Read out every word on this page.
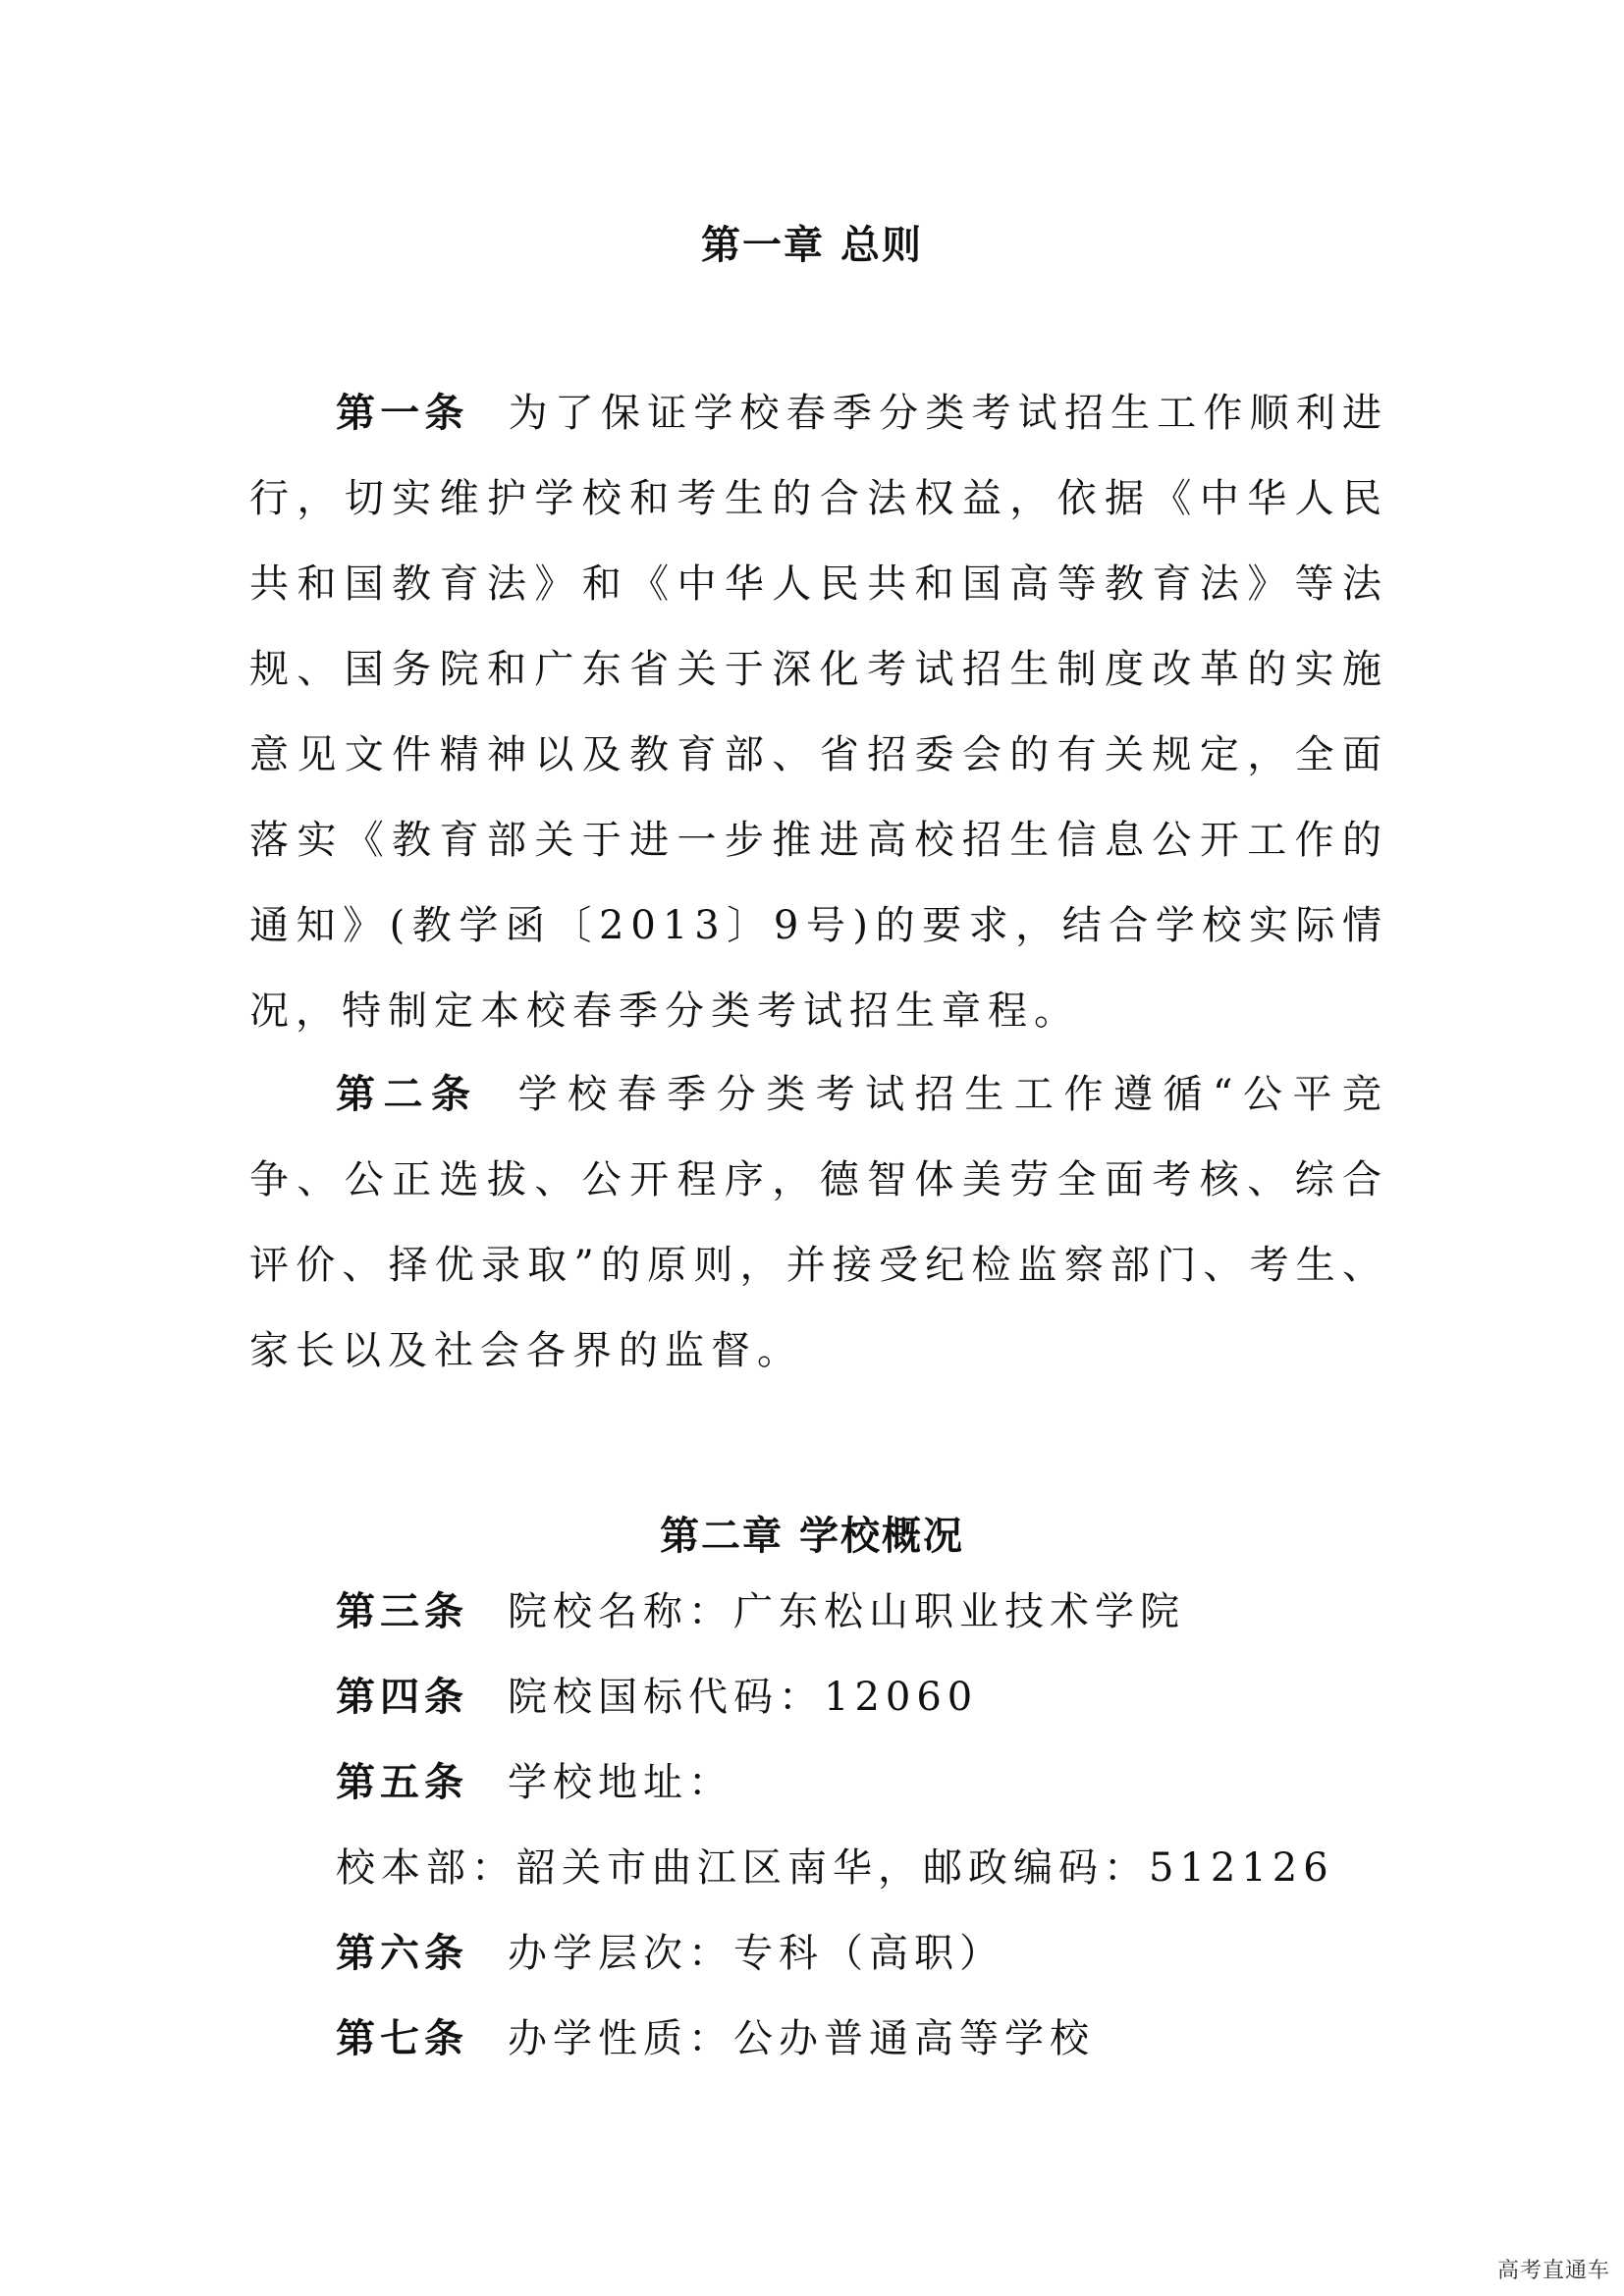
第一章 总则

第一条 为了保证学校春季分类考试招生工作顺利进行，切实维护学校和考生的合法权益，依据《中华人民共和国教育法》和《中华人民共和国高等教育法》等法规、国务院和广东省关于深化考试招生制度改革的实施意见文件精神以及教育部、省招委会的有关规定，全面落实《教育部关于进一步推进高校招生信息公开工作的通知》(教学函〔2013〕9号)的要求，结合学校实际情况，特制定本校春季分类考试招生章程。

第二条 学校春季分类考试招生工作遵循“公平竞争、公正选拔、公开程序，德智体美劳全面考核、综合评价、择优录取”的原则，并接受纪检监察部门、考生、家长以及社会各界的监督。

第二章 学校概况

第三条 院校名称：广东松山职业技术学院

第四条 院校国标代码：12060

第五条 学校地址：

校本部：韶关市曲江区南华，邮政编码：512126

第六条 办学层次：专科（高职）

第七条 办学性质：公办普通高等学校

高考直通车
